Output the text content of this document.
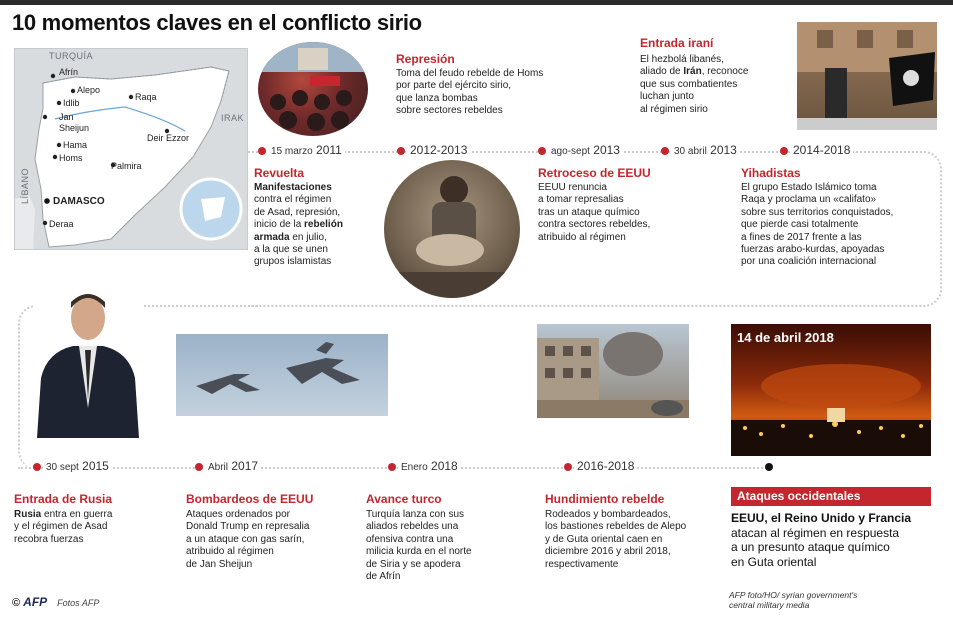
10 momentos claves en el conflicto sirio
TURQUÍA
IRAK
LÍBANO
Afrín
Alepo
Idlib
Jan Sheijun
Hama
Homs
Raqa
Deir Ezzor
Palmira
DAMASCO
Deraa
15 marzo 2011	2012-2013	ago-sept 2013	30 abril 2013	2014-2018
Revuelta
Manifestaciones
contra el régimen
de Asad, represión,
inicio de la rebelión
armada en julio,
a la que se unen
grupos islamistas
Represión
Toma del feudo rebelde de Homs
por parte del ejército sirio,
que lanza bombas
sobre sectores rebeldes
Retroceso de EEUU
EEUU renuncia
a tomar represalias
tras un ataque químico
contra sectores rebeldes,
atribuido al régimen
Entrada iraní
El hezbolá libanés,
aliado de Irán, reconoce
que sus combatientes
luchan junto
al régimen sirio
Yihadistas
El grupo Estado Islámico toma
Raqa y proclama un «califato»
sobre sus territorios conquistados,
que pierde casi totalmente
a fines de 2017 frente a las
fuerzas arabo-kurdas, apoyadas
por una coalición internacional
14 de abril 2018
30 sept 2015	Abril 2017	Enero 2018	2016-2018
Entrada de Rusia
Rusia entra en guerra
y el régimen de Asad
recobra fuerzas
Bombardeos de EEUU
Ataques ordenados por
Donald Trump en represalia
a un ataque con gas sarín,
atribuido al régimen
de Jan Sheijun
Avance turco
Turquía lanza con sus
aliados rebeldes una
ofensiva contra una
milicia kurda en el norte
de Siria y se apodera
de Afrín
Hundimiento rebelde
Rodeados y bombardeados,
los bastiones rebeldes de Alepo
y de Guta oriental caen en
diciembre 2016 y abril 2018,
respectivamente
Ataques occidentales
EEUU, el Reino Unido y Francia
atacan al régimen en respuesta
a un presunto ataque químico
en Guta oriental
© AFP Fotos AFP
AFP foto/HO/ syrian government's
central military media
